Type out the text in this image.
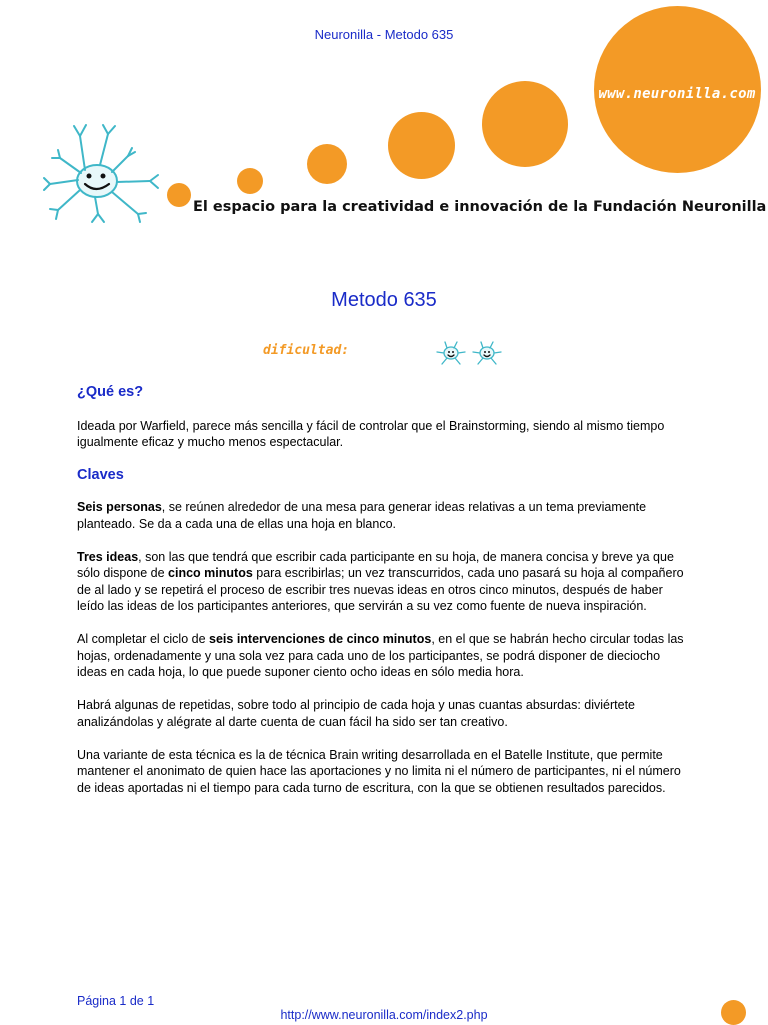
Neuronilla - Metodo 635
www.neuronilla.com
El espacio para la creatividad e innovación de la Fundación Neuronilla
Metodo 635
dificultad:
¿Qué es?

Ideada por Warfield, parece más sencilla y fácil de controlar que el Brainstorming, siendo al mismo tiempo igualmente eficaz y mucho menos espectacular.

Claves

Seis personas, se reúnen alrededor de una mesa para generar ideas relativas a un tema previamente planteado. Se da a cada una de ellas una hoja en blanco.

Tres ideas, son las que tendrá que escribir cada participante en su hoja, de manera concisa y breve ya que sólo dispone de cinco minutos para escribirlas; un vez transcurridos, cada uno pasará su hoja al compañero de al lado y se repetirá el proceso de escribir tres nuevas ideas en otros cinco minutos, después de haber leído las ideas de los participantes anteriores, que servirán a su vez como fuente de nueva inspiración.

Al completar el ciclo de seis intervenciones de cinco minutos, en el que se habrán hecho circular todas las hojas, ordenadamente y una sola vez para cada uno de los participantes, se podrá disponer de dieciocho ideas en cada hoja, lo que puede suponer ciento ocho ideas en sólo media hora.

Habrá algunas de repetidas, sobre todo al principio de cada hoja y unas cuantas absurdas: diviértete analizándolas y alégrate al darte cuenta de cuan fácil ha sido ser tan creativo.

Una variante de esta técnica es la de técnica Brain writing desarrollada en el Batelle Institute, que permite mantener el anonimato de quien hace las aportaciones y no limita ni el número de participantes, ni el número de ideas aportadas ni el tiempo para cada turno de escritura, con la que se obtienen resultados parecidos.

Página 1 de 1
http://www.neuronilla.com/index2.php
